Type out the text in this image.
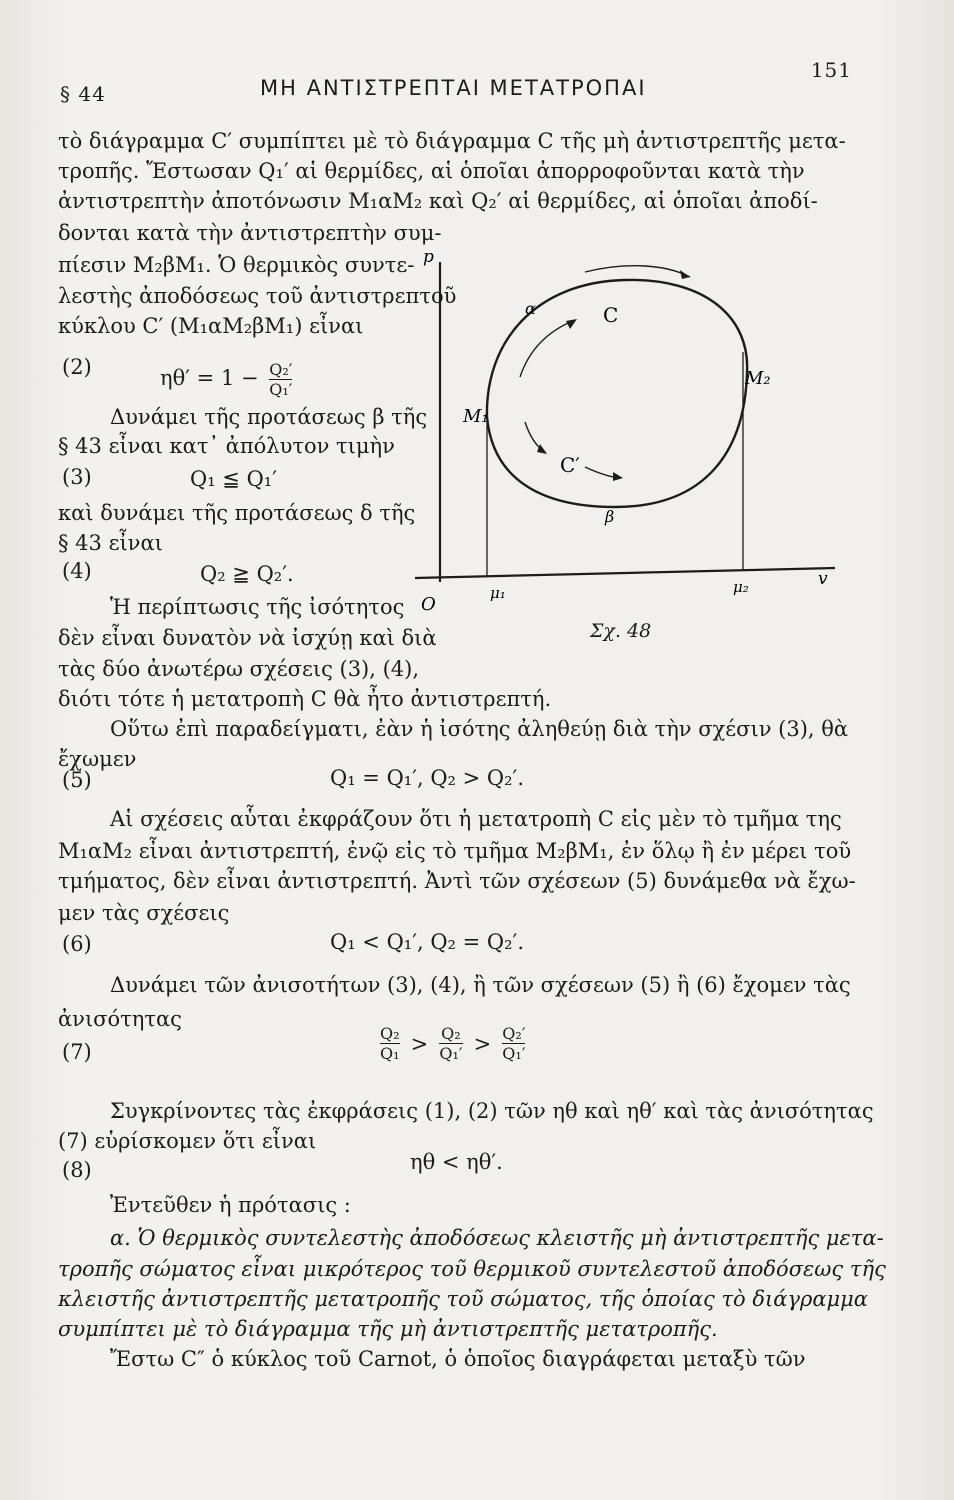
§ 44	ΜΗ ΑΝΤΙΣΤΡΕΠΤΑΙ ΜΕΤΑΤΡΟΠΑΙ
151
τὸ διάγραμμα C′ συμπίπτει μὲ τὸ διάγραμμα C τῆς μὴ ἀντιστρεπτῆς μετα-
τροπῆς. Ἔστωσαν Q₁′ αἱ θερμίδες, αἱ ὁποῖαι ἀπορροφοῦνται κατὰ τὴν
ἀντιστρεπτὴν ἀποτόνωσιν M₁αM₂ καὶ Q₂′ αἱ θερμίδες, αἱ ὁποῖαι ἀποδί-
δονται κατὰ τὴν ἀντιστρεπτὴν συμ-
πίεσιν M₂βM₁. Ὁ θερμικὸς συντε-
λεστὴς ἀποδόσεως τοῦ ἀντιστρεπτοῦ
κύκλου C′ (M₁αM₂βM₁) εἶναι
(2)	$\eta\theta' = 1 - \frac{\text{Q₂′}}{\text{Q₁′}}$
Δυνάμει τῆς προτάσεως β τῆς
§ 43 εἶναι κατ᾽ ἀπόλυτον τιμὴν
(3)	Q₁ ≦ Q₁′
καὶ δυνάμει τῆς προτάσεως δ τῆς
§ 43 εἶναι
(4)	Q₂ ≧ Q₂′.
Ἡ περίπτωσις τῆς ἰσότητος
δὲν εἶναι δυνατὸν νὰ ἰσχύῃ καὶ διὰ
τὰς δύο ἀνωτέρω σχέσεις (3), (4),
διότι τότε ἡ μετατροπὴ C θὰ ἦτο ἀντιστρεπτή.
Οὕτω ἐπὶ παραδείγματι, ἐὰν ἡ ἰσότης ἀληθεύῃ διὰ τὴν σχέσιν (3), θὰ
ἔχωμεν
(5)	Q₁ = Q₁′, Q₂ > Q₂′.
Αἱ σχέσεις αὗται ἐκφράζουν ὅτι ἡ μετατροπὴ C εἰς μὲν τὸ τμῆμα της
M₁αM₂ εἶναι ἀντιστρεπτή, ἐνῷ εἰς τὸ τμῆμα M₂βM₁, ἐν ὅλῳ ἢ ἐν μέρει τοῦ
τμήματος, δὲν εἶναι ἀντιστρεπτή. Ἀντὶ τῶν σχέσεων (5) δυνάμεθα νὰ ἔχω-
μεν τὰς σχέσεις
(6)	Q₁ < Q₁′, Q₂ = Q₂′.
Δυνάμει τῶν ἀνισοτήτων (3), (4), ἢ τῶν σχέσεων (5) ἢ (6) ἔχομεν τὰς
ἀνισότητας
(7)	$\frac{\text{Q₂}}{\text{Q₁}} > \frac{\text{Q₂}}{\text{Q₁′}} > \frac{\text{Q₂′}}{\text{Q₁′}}$
Συγκρίνοντες τὰς ἐκφράσεις (1), (2) τῶν ηθ καὶ ηθ′ καὶ τὰς ἀνισότητας
(7) εὑρίσκομεν ὅτι εἶναι
(8)	ηθ < ηθ′.
Ἐντεῦθεν ἡ πρότασις :
α. Ὁ θερμικὸς συντελεστὴς ἀποδόσεως κλειστῆς μὴ ἀντιστρεπτῆς μετα-
τροπῆς σώματος εἶναι μικρότερος τοῦ θερμικοῦ συντελεστοῦ ἀποδόσεως τῆς
κλειστῆς ἀντιστρεπτῆς μετατροπῆς τοῦ σώματος, τῆς ὁποίας τὸ διάγραμμα
συμπίπτει μὲ τὸ διάγραμμα τῆς μὴ ἀντιστρεπτῆς μετατροπῆς.
Ἔστω C″ ὁ κύκλος τοῦ Carnot, ὁ ὁποῖος διαγράφεται μεταξὺ τῶν
p
v
O
μ₁	μ₂
M₁
M₂
α
β
C
C′
Σχ. 48
